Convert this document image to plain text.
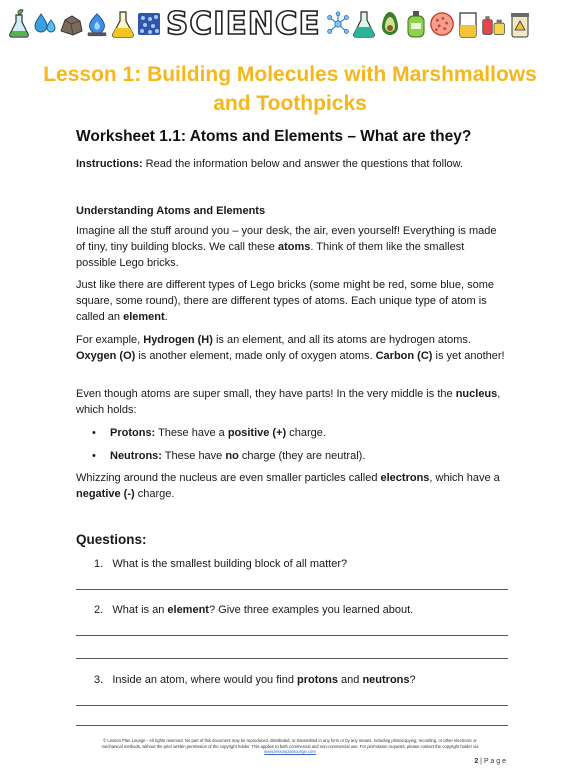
SCIENCE
Lesson 1: Building Molecules with Marshmallows and Toothpicks
Worksheet 1.1: Atoms and Elements – What are they?
Instructions: Read the information below and answer the questions that follow.
Understanding Atoms and Elements
Imagine all the stuff around you – your desk, the air, even yourself! Everything is made of tiny, tiny building blocks. We call these atoms. Think of them like the smallest possible Lego bricks.
Just like there are different types of Lego bricks (some might be red, some blue, some square, some round), there are different types of atoms. Each unique type of atom is called an element.
For example, Hydrogen (H) is an element, and all its atoms are hydrogen atoms. Oxygen (O) is another element, made only of oxygen atoms. Carbon (C) is yet another!
Even though atoms are super small, they have parts! In the very middle is the nucleus, which holds:
• Protons: These have a positive (+) charge.
• Neutrons: These have no charge (they are neutral).
Whizzing around the nucleus are even smaller particles called electrons, which have a negative (-) charge.
Questions:
1. What is the smallest building block of all matter?
2. What is an element? Give three examples you learned about.
3. Inside an atom, where would you find protons and neutrons?
© Lesson Plan Lounge - All rights reserved. No part of this document may be reproduced, distributed, or transmitted in any form or by any means, including photocopying, recording, or other electronic or
mechanical methods, without the prior written permission of the copyright holder. This applies to both commercial and non-commercial use. For permission requests, please contact the copyright holder via
www.lessonplanlounge.com
2 | P a g e
